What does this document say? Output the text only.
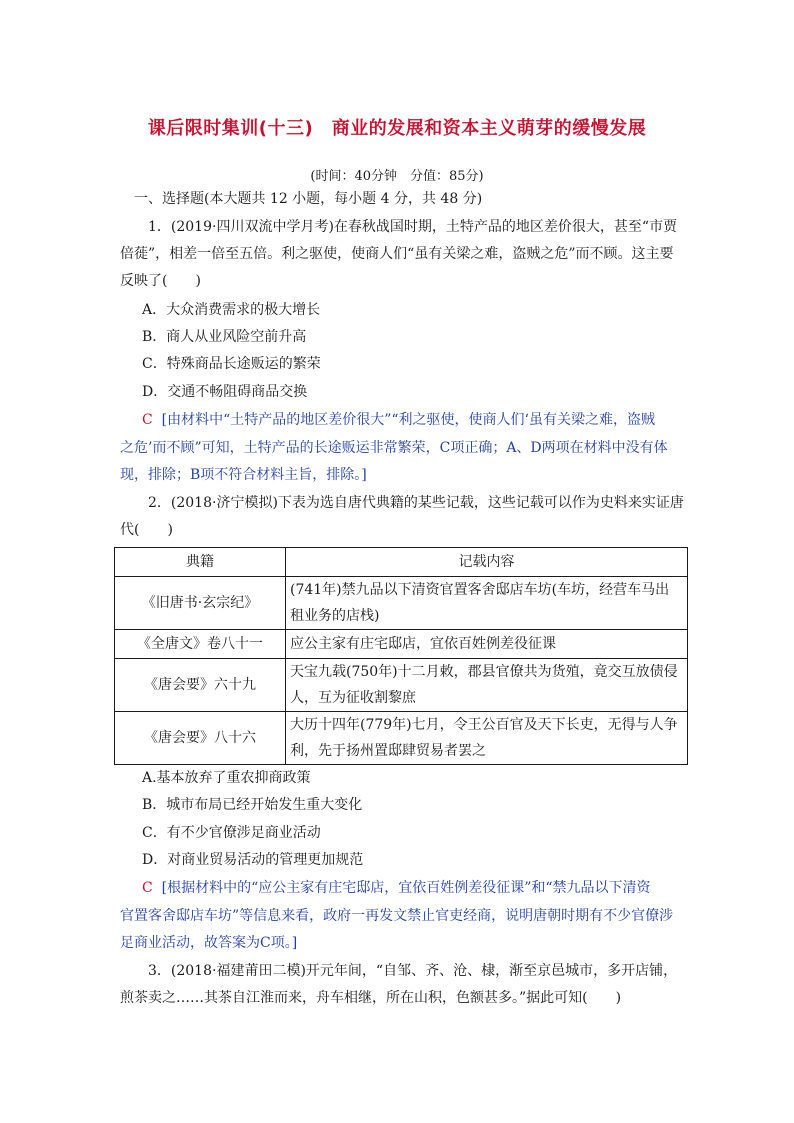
课后限时集训(十三)　商业的发展和资本主义萌芽的缓慢发展
(时间：40分钟　分值：85分)
一、选择题(本大题共 12 小题，每小题 4 分，共 48 分)
1．(2019·四川双流中学月考)在春秋战国时期，土特产品的地区差价很大，甚至“市贾
倍蓰”，相差一倍至五倍。利之驱使，使商人们“虽有关梁之难，盗贼之危”而不顾。这主要
反映了(　　)
A．大众消费需求的极大增长
B．商人从业风险空前升高
C．特殊商品长途贩运的繁荣
D．交通不畅阻碍商品交换
C [由材料中“土特产品的地区差价很大”“利之驱使，使商人们‘虽有关梁之难，盗贼
之危’而不顾”可知，土特产品的长途贩运非常繁荣，C项正确；A、D两项在材料中没有体
现，排除；B项不符合材料主旨，排除。]
2．(2018·济宁模拟)下表为选自唐代典籍的某些记载，这些记载可以作为史料来实证唐
代(　　)
典籍	记载内容
《旧唐书·玄宗纪》	(741年)禁九品以下清资官置客舍邸店车坊(车坊，经营车马出租业务的店栈)
《全唐文》卷八十一	应公主家有庄宅邸店，宜依百姓例差役征课
《唐会要》六十九	天宝九载(750年)十二月敕，郡县官僚共为货殖，竟交互放债侵人，互为征收割黎庶
《唐会要》八十六	大历十四年(779年)七月，令王公百官及天下长吏，无得与人争利，先于扬州置邸肆贸易者罢之
A.基本放弃了重农抑商政策
B．城市布局已经开始发生重大变化
C．有不少官僚涉足商业活动
D．对商业贸易活动的管理更加规范
C [根据材料中的“应公主家有庄宅邸店，宜依百姓例差役征课”和“禁九品以下清资
官置客舍邸店车坊”等信息来看，政府一再发文禁止官吏经商，说明唐朝时期有不少官僚涉
足商业活动，故答案为C项。]
3．(2018·福建莆田二模)开元年间，“自邹、齐、沧、棣，渐至京邑城市，多开店铺，
煎茶卖之……其茶自江淮而来，舟车相继，所在山积，色额甚多。”据此可知(　　)
